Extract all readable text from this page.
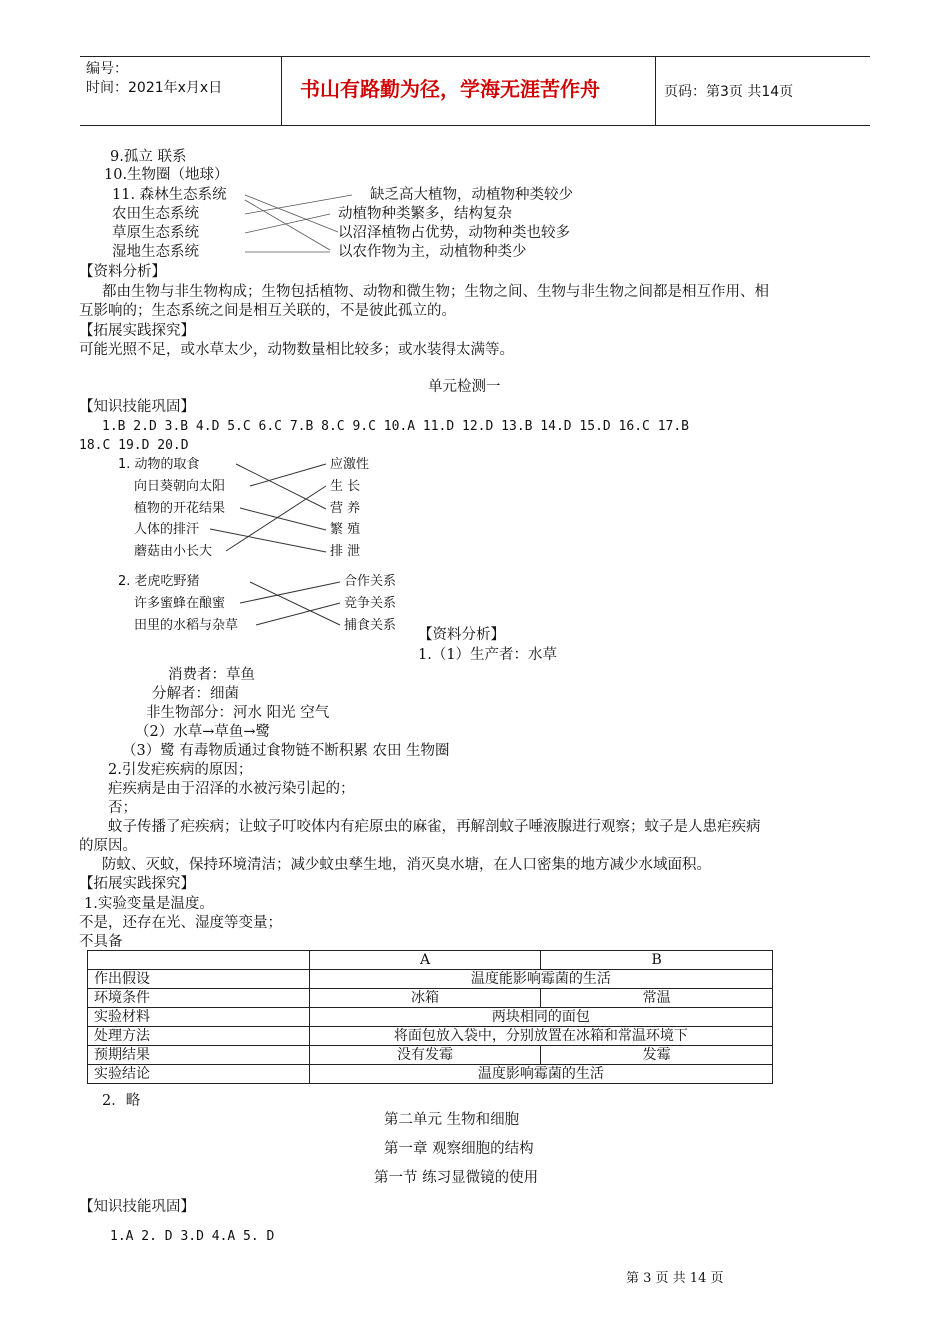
编号：
时间：2021年x月x日	书山有路勤为径，学海无涯苦作舟	页码：第3页 共14页
9.孤立 联系
10.生物圈（地球）
11. 森林生态系统
农田生态系统
草原生态系统
湿地生态系统
缺乏高大植物，动植物种类较少
动植物种类繁多，结构复杂
以沼泽植物占优势，动物种类也较多
以农作物为主，动植物种类少
【资料分析】
都由生物与非生物构成；生物包括植物、动物和微生物；生物之间、生物与非生物之间都是相互作用、相
互影响的；生态系统之间是相互关联的，不是彼此孤立的。
【拓展实践探究】
可能光照不足，或水草太少，动物数量相比较多；或水装得太满等。
单元检测一
【知识技能巩固】
1.B 2.D 3.B 4.D 5.C 6.C 7.B 8.C 9.C 10.A 11.D 12.D 13.B 14.D 15.D 16.C 17.B
18.C 19.D 20.D
1. 动物的取食
向日葵朝向太阳
植物的开花结果
人体的排汗
蘑菇由小长大
应激性
生 长
营 养
繁 殖
排 泄
2. 老虎吃野猪
许多蜜蜂在酿蜜
田里的水稻与杂草
合作关系
竞争关系
捕食关系
【资料分析】
1.（1）生产者：水草
消费者：草鱼
分解者：细菌
非生物部分：河水 阳光 空气
（2）水草→草鱼→鹭
（3）鹭 有毒物质通过食物链不断积累 农田 生物圈
2.引发疟疾病的原因；
疟疾病是由于沼泽的水被污染引起的；
否；
蚊子传播了疟疾病；让蚊子叮咬体内有疟原虫的麻雀，再解剖蚊子唾液腺进行观察；蚊子是人患疟疾病
的原因。
防蚊、灭蚊，保持环境清洁；减少蚊虫孳生地，消灭臭水塘，在人口密集的地方减少水域面积。
【拓展实践探究】
1.实验变量是温度。
不是，还存在光、湿度等变量；
不具备
	A	B
作出假设	温度能影响霉菌的生活	
环境条件	冰箱	常温
实验材料	两块相同的面包	
处理方法	将面包放入袋中，分别放置在冰箱和常温环境下	
预期结果	没有发霉	发霉
实验结论	温度影响霉菌的生活	
2．略
第二单元 生物和细胞
第一章 观察细胞的结构
第一节 练习显微镜的使用
【知识技能巩固】
1.A 2. D 3.D 4.A 5. D
第 3 页 共 14 页
